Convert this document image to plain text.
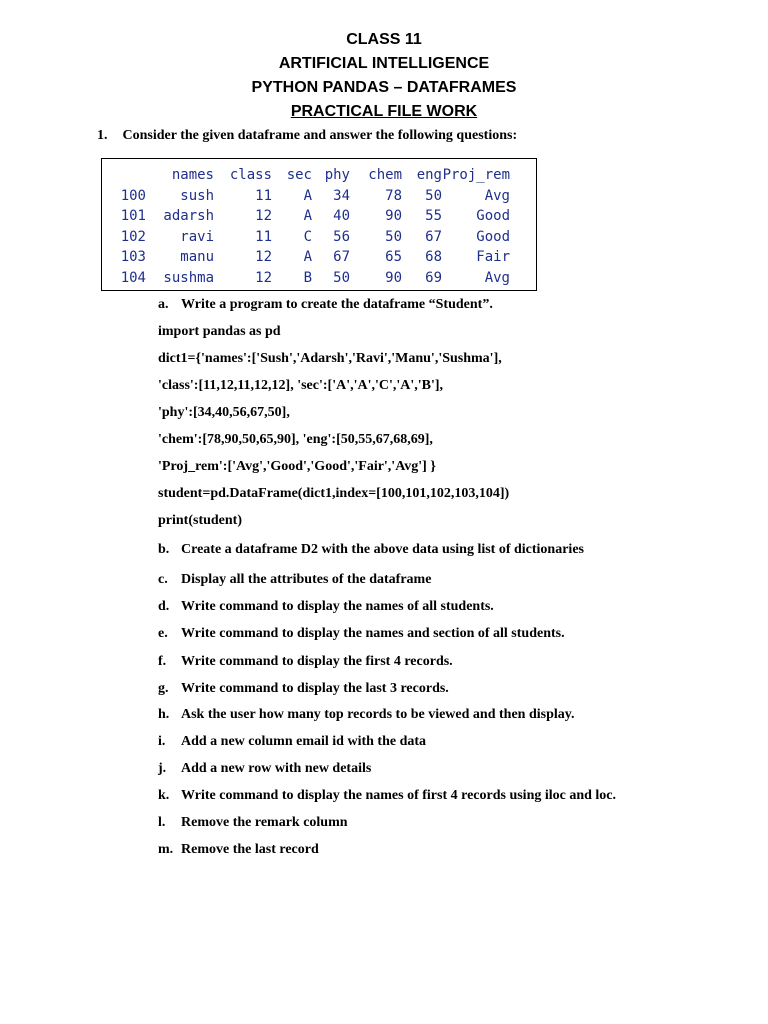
CLASS 11
ARTIFICIAL INTELLIGENCE
PYTHON PANDAS – DATAFRAMES
PRACTICAL FILE WORK
1. Consider the given dataframe and answer the following questions:
	names	class	sec	phy	chem	eng	Proj_rem
100	sush	11	A	34	78	50	Avg
101	adarsh	12	A	40	90	55	Good
102	ravi	11	C	56	50	67	Good
103	manu	12	A	67	65	68	Fair
104	sushma	12	B	50	90	69	Avg
a. Write a program to create the dataframe “Student”.
import pandas as pd
dict1={'names':['Sush','Adarsh','Ravi','Manu','Sushma'],
'class':[11,12,11,12,12], 'sec':['A','A','C','A','B'],
'phy':[34,40,56,67,50],
'chem':[78,90,50,65,90], 'eng':[50,55,67,68,69],
'Proj_rem':['Avg','Good','Good','Fair','Avg'] }
student=pd.DataFrame(dict1,index=[100,101,102,103,104])
print(student)
b. Create a dataframe D2 with the above data using list of dictionaries
c. Display all the attributes of the dataframe
d. Write command to display the names of all students.
e. Write command to display the names and section of all students.
f. Write command to display the first 4 records.
g. Write command to display the last 3 records.
h. Ask the user how many top records to be viewed and then display.
i. Add a new column email id with the data
j. Add a new row with new details
k. Write command to display the names of first 4 records using iloc and loc.
l. Remove the remark column
m. Remove the last record
